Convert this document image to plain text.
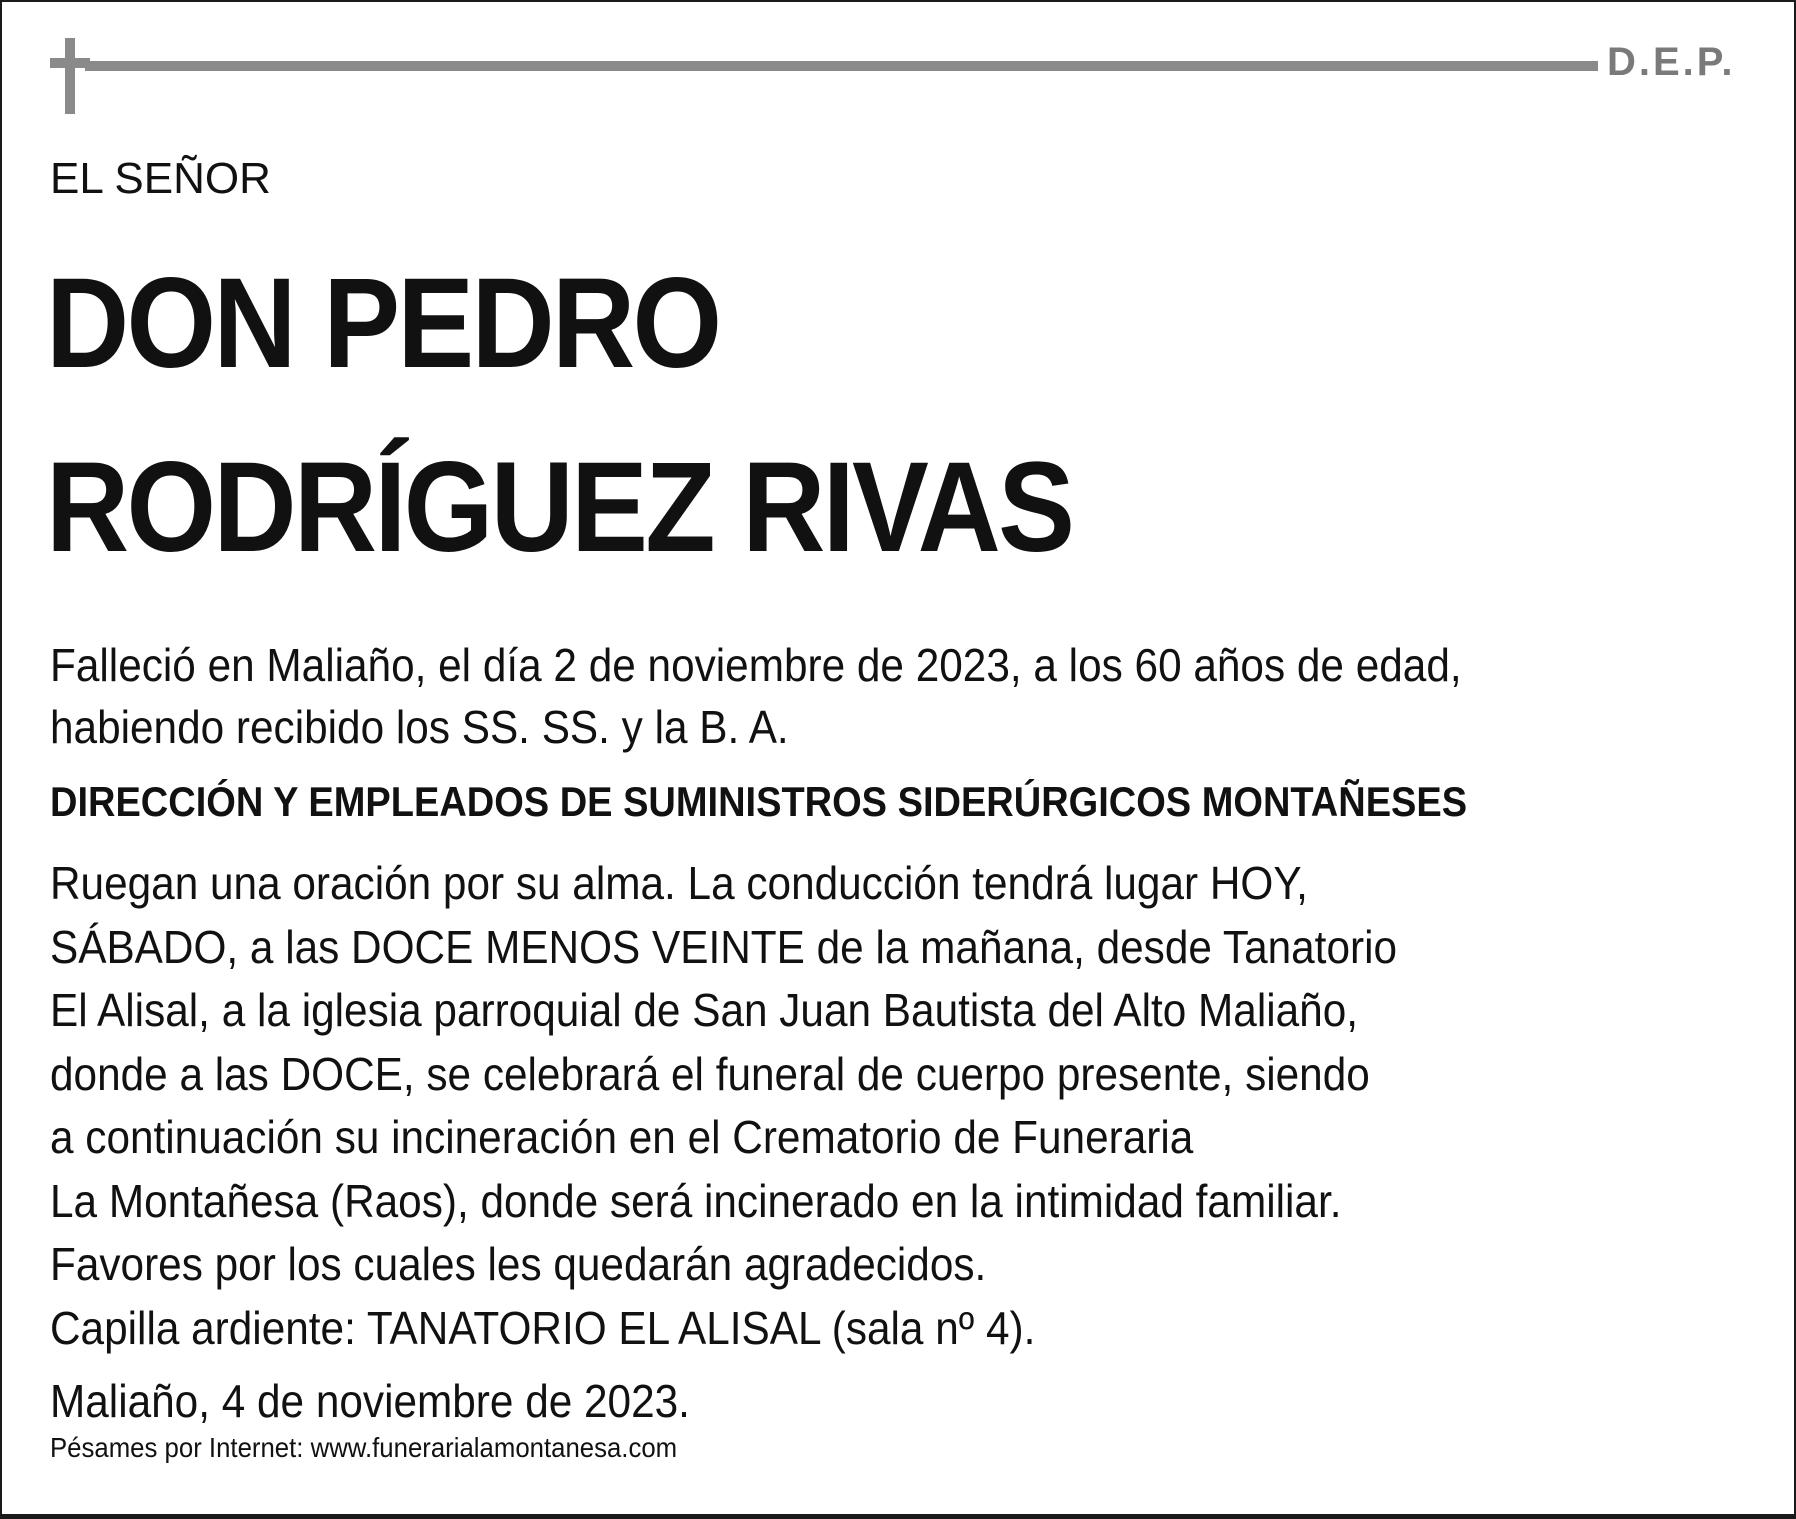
D.E.P.
EL SEÑOR
DON PEDRO
RODRÍGUEZ RIVAS
Falleció en Maliaño, el día 2 de noviembre de 2023, a los 60 años de edad,
habiendo recibido los SS. SS. y la B. A.
DIRECCIÓN Y EMPLEADOS DE SUMINISTROS SIDERÚRGICOS MONTAÑESES
Ruegan una oración por su alma. La conducción tendrá lugar HOY,
SÁBADO, a las DOCE MENOS VEINTE de la mañana, desde Tanatorio
El Alisal, a la iglesia parroquial de San Juan Bautista del Alto Maliaño,
donde a las DOCE, se celebrará el funeral de cuerpo presente, siendo
a continuación su incineración en el Crematorio de Funeraria
La Montañesa (Raos), donde será incinerado en la intimidad familiar.
Favores por los cuales les quedarán agradecidos.
Capilla ardiente: TANATORIO EL ALISAL (sala nº 4).
Maliaño, 4 de noviembre de 2023.
Pésames por Internet: www.funerarialamontanesa.com
